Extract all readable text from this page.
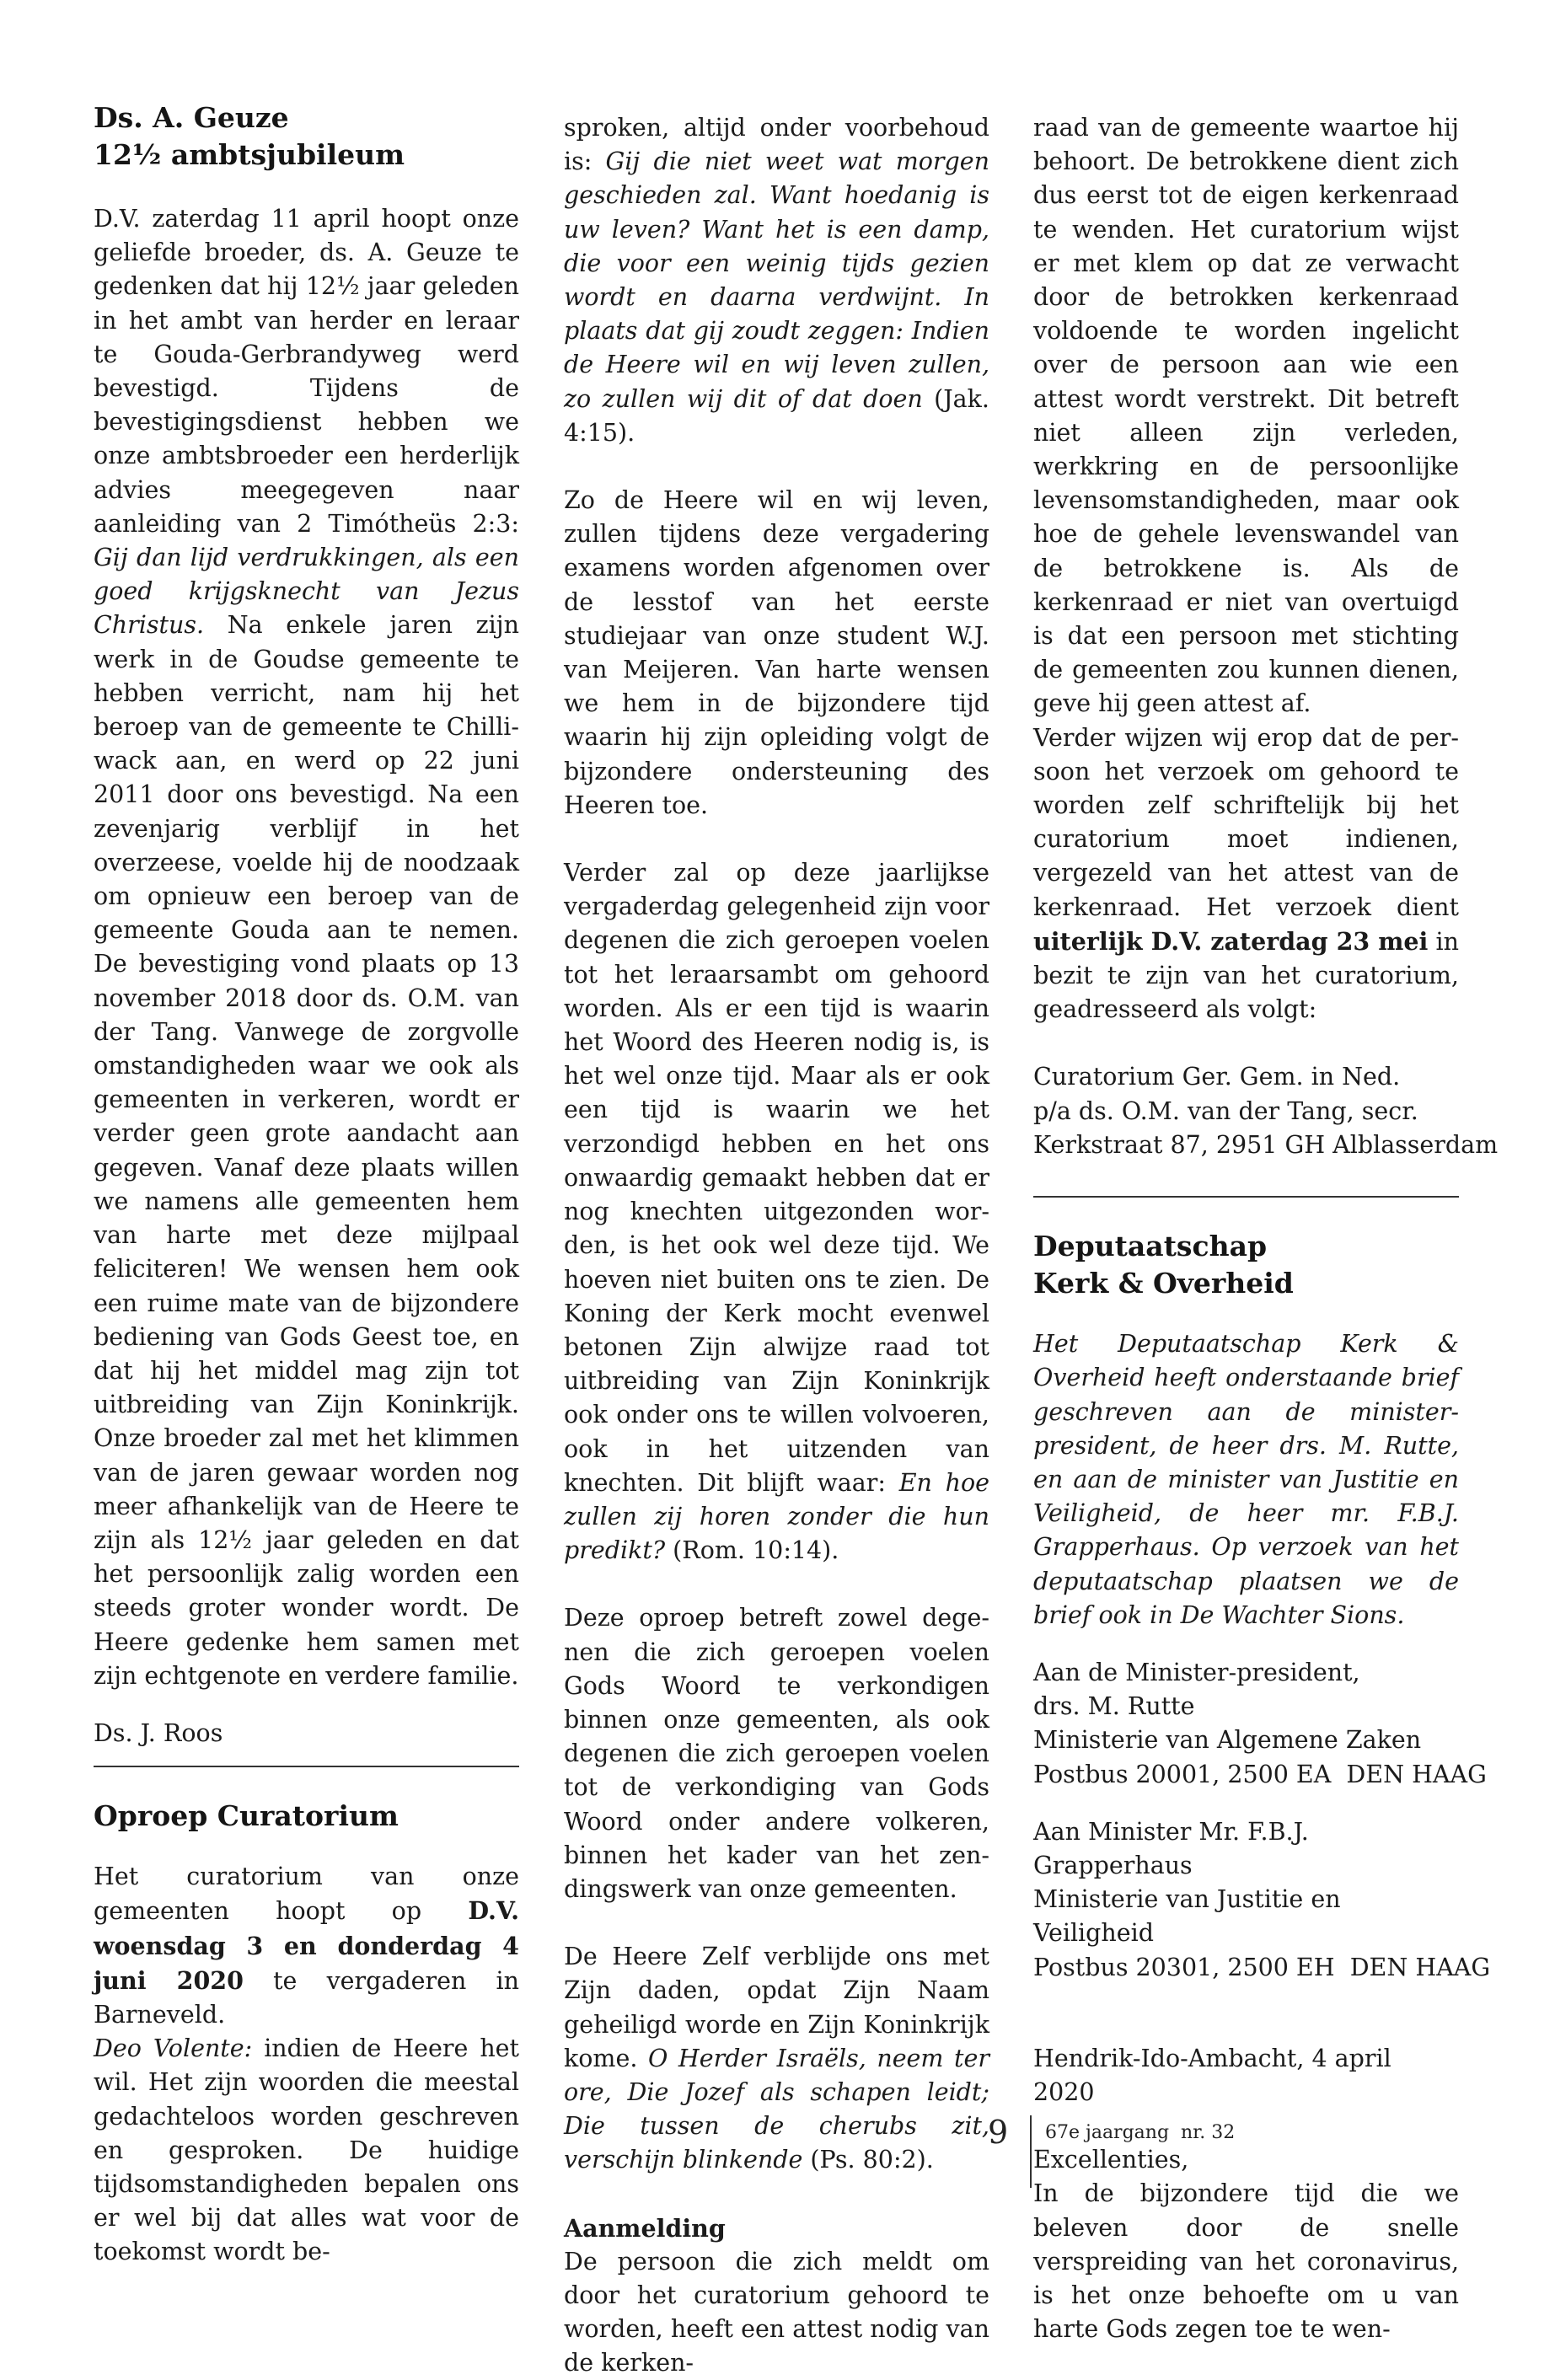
Ds. A. Geuze
12½ ambtsjubileum

D.V. zaterdag 11 april hoopt onze geliefde broeder, ds. A. Geuze te gedenken dat hij 12½ jaar geleden in het ambt van herder en leraar te Gouda-Gerbrandyweg werd bevestigd. Tijdens de bevestigingsdienst hebben we onze ambtsbroeder een herderlijk advies meegegeven naar aanleiding van 2 Timótheüs 2:3: Gij dan lijd verdrukkingen, als een goed krijgsknecht van Jezus Christus. Na enkele jaren zijn werk in de Goudse gemeente te hebben verricht, nam hij het beroep van de gemeente te Chilliwack aan, en werd op 22 juni 2011 door ons bevestigd. Na een zevenjarig verblijf in het overzeese, voelde hij de noodzaak om opnieuw een beroep van de gemeente Gouda aan te nemen. De bevestiging vond plaats op 13 november 2018 door ds. O.M. van der Tang. Vanwege de zorgvolle omstandigheden waar we ook als gemeenten in verkeren, wordt er verder geen grote aandacht aan gegeven. Vanaf deze plaats willen we namens alle gemeenten hem van harte met deze mijlpaal feliciteren! We wensen hem ook een ruime mate van de bijzondere bediening van Gods Geest toe, en dat hij het middel mag zijn tot uitbreiding van Zijn Koninkrijk. Onze broeder zal met het klimmen van de jaren gewaar worden nog meer afhankelijk van de Heere te zijn als 12½ jaar geleden en dat het persoonlijk zalig worden een steeds groter wonder wordt. De Heere gedenke hem samen met zijn echtgenote en verdere familie.

Ds. J. Roos

Oproep Curatorium

Het curatorium van onze gemeenten hoopt op D.V. woensdag 3 en donderdag 4 juni 2020 te vergaderen in Barneveld.

Deo Volente: indien de Heere het wil. Het zijn woorden die meestal gedachteloos worden geschreven en gesproken. De huidige tijdsomstandigheden bepalen ons er wel bij dat alles wat voor de toekomst wordt be-

sproken, altijd onder voorbehoud is: Gij die niet weet wat morgen geschieden zal. Want hoedanig is uw leven? Want het is een damp, die voor een weinig tijds gezien wordt en daarna verdwijnt. In plaats dat gij zoudt zeggen: Indien de Heere wil en wij leven zullen, zo zullen wij dit of dat doen (Jak. 4:15).

Zo de Heere wil en wij leven, zullen tijdens deze vergadering examens worden afgenomen over de lesstof van het eerste studiejaar van onze student W.J. van Meijeren. Van harte wensen we hem in de bijzondere tijd waarin hij zijn opleiding volgt de bijzondere ondersteuning des Heeren toe.

Verder zal op deze jaarlijkse vergaderdag gelegenheid zijn voor degenen die zich geroepen voelen tot het leraarsambt om gehoord worden. Als er een tijd is waarin het Woord des Heeren nodig is, is het wel onze tijd. Maar als er ook een tijd is waarin we het verzondigd hebben en het ons onwaardig gemaakt hebben dat er nog knechten uitgezonden worden, is het ook wel deze tijd. We hoeven niet buiten ons te zien. De Koning der Kerk mocht evenwel betonen Zijn alwijze raad tot uitbreiding van Zijn Koninkrijk ook onder ons te willen volvoeren, ook in het uitzenden van knechten. Dit blijft waar: En hoe zullen zij horen zonder die hun predikt? (Rom. 10:14).

Deze oproep betreft zowel degenen die zich geroepen voelen Gods Woord te verkondigen binnen onze gemeenten, als ook degenen die zich geroepen voelen tot de verkondiging van Gods Woord onder andere volkeren, binnen het kader van het zendingswerk van onze gemeenten.

De Heere Zelf verblijde ons met Zijn daden, opdat Zijn Naam geheiligd worde en Zijn Koninkrijk kome. O Herder Israëls, neem ter ore, Die Jozef als schapen leidt; Die tussen de cherubs zit, verschijn blinkende (Ps. 80:2).

Aanmelding

De persoon die zich meldt om door het curatorium gehoord te worden, heeft een attest nodig van de kerken-

raad van de gemeente waartoe hij behoort. De betrokkene dient zich dus eerst tot de eigen kerkenraad te wenden. Het curatorium wijst er met klem op dat ze verwacht door de betrokken kerkenraad voldoende te worden ingelicht over de persoon aan wie een attest wordt verstrekt. Dit betreft niet alleen zijn verleden, werkkring en de persoonlijke levensomstandigheden, maar ook hoe de gehele levenswandel van de betrokkene is. Als de kerkenraad er niet van overtuigd is dat een persoon met stichting de gemeenten zou kunnen dienen, geve hij geen attest af.

Verder wijzen wij erop dat de persoon het verzoek om gehoord te worden zelf schriftelijk bij het curatorium moet indienen, vergezeld van het attest van de kerkenraad. Het verzoek dient uiterlijk D.V. zaterdag 23 mei in bezit te zijn van het curatorium, geadresseerd als volgt:

Curatorium Ger. Gem. in Ned.
p/a ds. O.M. van der Tang, secr.
Kerkstraat 87, 2951 GH Alblasserdam

Deputaatschap
Kerk & Overheid

Het Deputaatschap Kerk & Overheid heeft onderstaande brief geschreven aan de minister-president, de heer drs. M. Rutte, en aan de minister van Justitie en Veiligheid, de heer mr. F.B.J. Grapperhaus. Op verzoek van het deputaatschap plaatsen we de brief ook in De Wachter Sions.

Aan de Minister-president,
drs. M. Rutte
Ministerie van Algemene Zaken
Postbus 20001, 2500 EA  DEN HAAG

Aan Minister Mr. F.B.J. Grapperhaus
Ministerie van Justitie en Veiligheid
Postbus 20301, 2500 EH  DEN HAAG

Hendrik-Ido-Ambacht, 4 april 2020

Excellenties,

In de bijzondere tijd die we beleven door de snelle verspreiding van het coronavirus, is het onze behoefte om u van harte Gods zegen toe te wen-

9 67e jaargang  nr. 32
